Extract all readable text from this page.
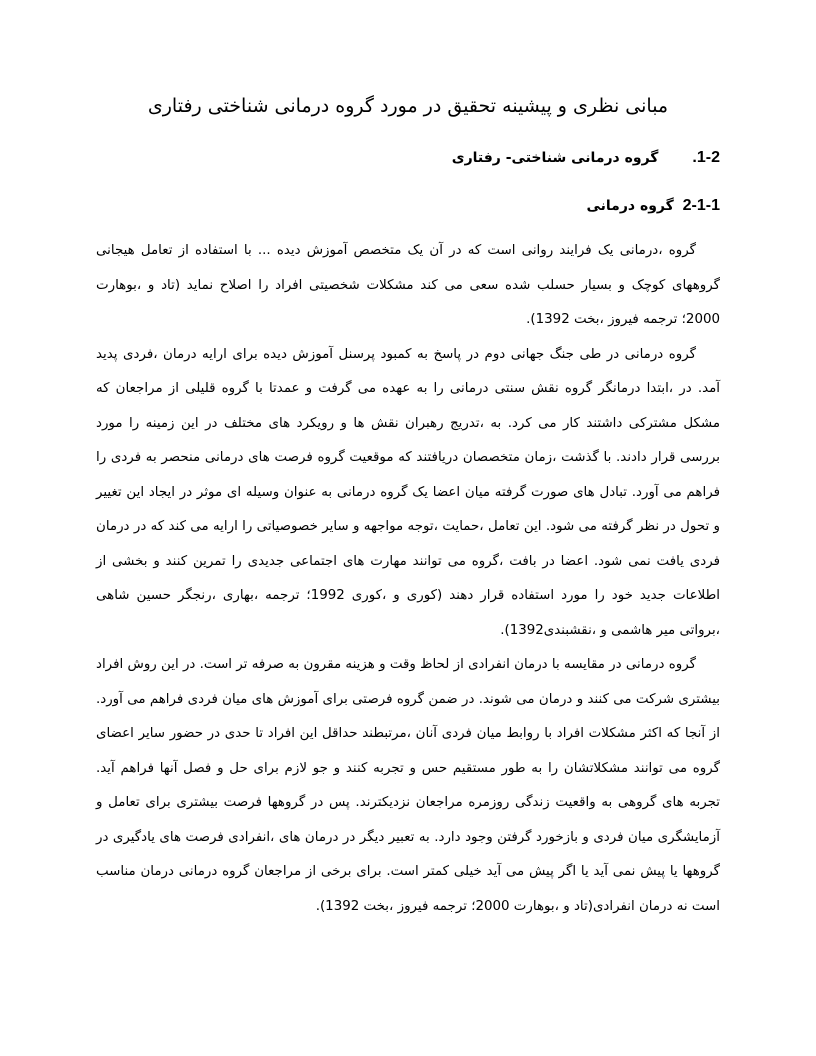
مبانی نظری و پیشینه تحقیق در مورد گروه درمانی شناختی رفتاری
.1-2
گروه درمانی شناختی- رفتاری
2-1-1 گروه درمانی

گروه ،درمانی یک فرایند روانی است که در آن یک متخصص آموزش دیده ... با استفاده از تعامل هیجانی گروههای کوچک و بسیار حسلب شده سعی می کند مشکلات شخصیتی افراد را اصلاح نماید (تاد و ،بوهارت 2000؛ ترجمه فیروز ،بخت 1392).

گروه درمانی در طی جنگ جهانی دوم در پاسخ به کمبود پرسنل آموزش دیده برای ارایه درمان ،فردی پدید آمد. در ،ابتدا درمانگر گروه نقش سنتی درمانی را به عهده می گرفت و عمدتا با گروه قلیلی از مراجعان که مشکل مشترکی داشتند کار می کرد. به ،تدریج رهبران نقش ها و رویکرد های مختلف در این زمینه را مورد بررسی قرار دادند. با گذشت ،زمان متخصصان دریافتند که موقعیت گروه فرصت های درمانی منحصر به فردی را فراهم می آورد. تبادل های صورت گرفته میان اعضا یک گروه درمانی به عنوان وسیله ای موثر در ایجاد این تغییر و تحول در نظر گرفته می شود. این تعامل ،حمایت ،توجه مواجهه و سایر خصوصیاتی را ارایه می کند که در درمان فردی یافت نمی شود. اعضا در بافت ،گروه می توانند مهارت های اجتماعی جدیدی را تمرین کنند و بخشی از اطلاعات جدید خود را مورد استفاده قرار دهند (کوری و ،کوری 1992؛ ترجمه ،بهاری ،رنجگر حسین شاهی ،برواتی میر هاشمی و ،نقشبندی1392).

گروه درمانی در مقایسه با درمان انفرادی از لحاظ وقت و هزینه مقرون به صرفه تر است. در این روش افراد بیشتری شرکت می کنند و درمان می شوند. در ضمن گروه فرصتی برای آموزش های میان فردی فراهم می آورد. از آنجا که اکثر مشکلات افراد با روابط میان فردی آنان ،مرتبطند حداقل این افراد تا حدی در حضور سایر اعضای گروه می توانند مشکلاتشان را به طور مستقیم حس و تجربه کنند و جو لازم برای حل و فصل آنها فراهم آید. تجربه های گروهی به واقعیت زندگی روزمره مراجعان نزدیکترند. پس در گروهها فرصت بیشتری برای تعامل و آزمایشگری میان فردی و بازخورد گرفتن وجود دارد. به تعبیر دیگر در درمان های ،انفرادی فرصت های یادگیری در گروهها یا پیش نمی آید یا اگر پیش می آید خیلی کمتر است. برای برخی از مراجعان گروه درمانی درمان مناسب است نه درمان انفرادی(تاد و ،بوهارت 2000؛ ترجمه فیروز ،بخت 1392).
